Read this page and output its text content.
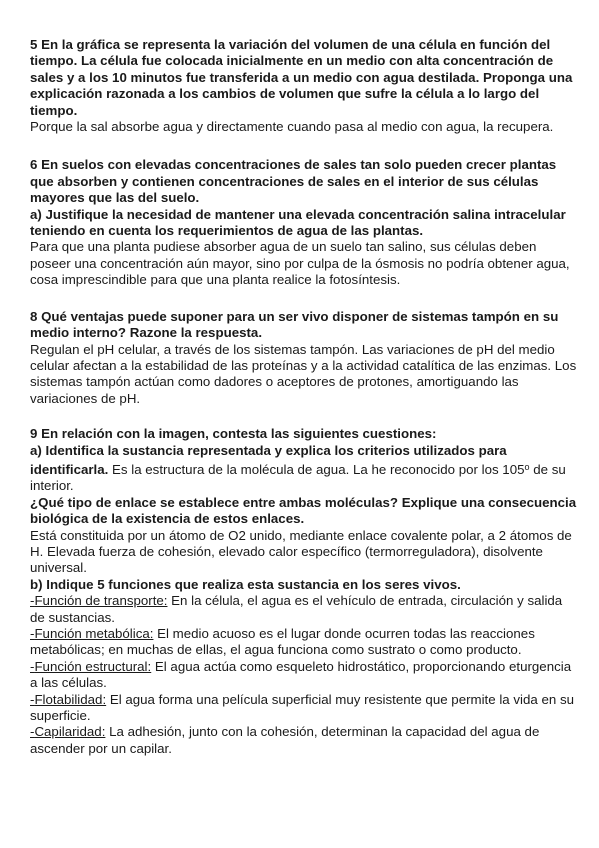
5 En la gráfica se representa la variación del volumen de una célula en función del tiempo. La célula fue colocada inicialmente en un medio con alta concentración de sales y a los 10 minutos fue transferida a un medio con agua destilada. Proponga una explicación razonada a los cambios de volumen que sufre la célula a lo largo del tiempo.

Porque la sal absorbe agua y directamente cuando pasa al medio con agua, la recupera.

6 En suelos con elevadas concentraciones de sales tan solo pueden crecer plantas que absorben y contienen concentraciones de sales en el interior de sus células mayores que las del suelo.

a) Justifique la necesidad de mantener una elevada concentración salina intracelular teniendo en cuenta los requerimientos de agua de las plantas.

Para que una planta pudiese absorber agua de un suelo tan salino, sus células deben poseer una concentración aún mayor, sino por culpa de la ósmosis no podría obtener agua, cosa imprescindible para que una planta realice la fotosíntesis.

8 Qué ventajas puede suponer para un ser vivo disponer de sistemas tampón en su medio interno? Razone la respuesta.

Regulan el pH celular, a través de los sistemas tampón. Las variaciones de pH del medio celular afectan a la estabilidad de las proteínas y a la actividad catalítica de las enzimas. Los sistemas tampón actúan como dadores o aceptores de protones, amortiguando las variaciones de pH.

9 En relación con la imagen, contesta las siguientes cuestiones:

a) Identifica la sustancia representada y explica los criterios utilizados para identificarla. Es la estructura de la molécula de agua. La he reconocido por los 105$^o$ de su interior.

¿Qué tipo de enlace se establece entre ambas moléculas? Explique una consecuencia biológica de la existencia de estos enlaces.

Está constituida por un átomo de O2 unido, mediante enlace covalente polar, a 2 átomos de H. Elevada fuerza de cohesión, elevado calor específico (termorreguladora), disolvente universal.

b) Indique 5 funciones que realiza esta sustancia en los seres vivos.

-Función de transporte: En la célula, el agua es el vehículo de entrada, circulación y salida de sustancias.

-Función metabólica: El medio acuoso es el lugar donde ocurren todas las reacciones metabólicas; en muchas de ellas, el agua funciona como sustrato o como producto.

-Función estructural: El agua actúa como esqueleto hidrostático, proporcionando eturgencia a las células.

-Flotabilidad: El agua forma una película superficial muy resistente que permite la vida en su superficie.

-Capilaridad: La adhesión, junto con la cohesión, determinan la capacidad del agua de ascender por un capilar.
